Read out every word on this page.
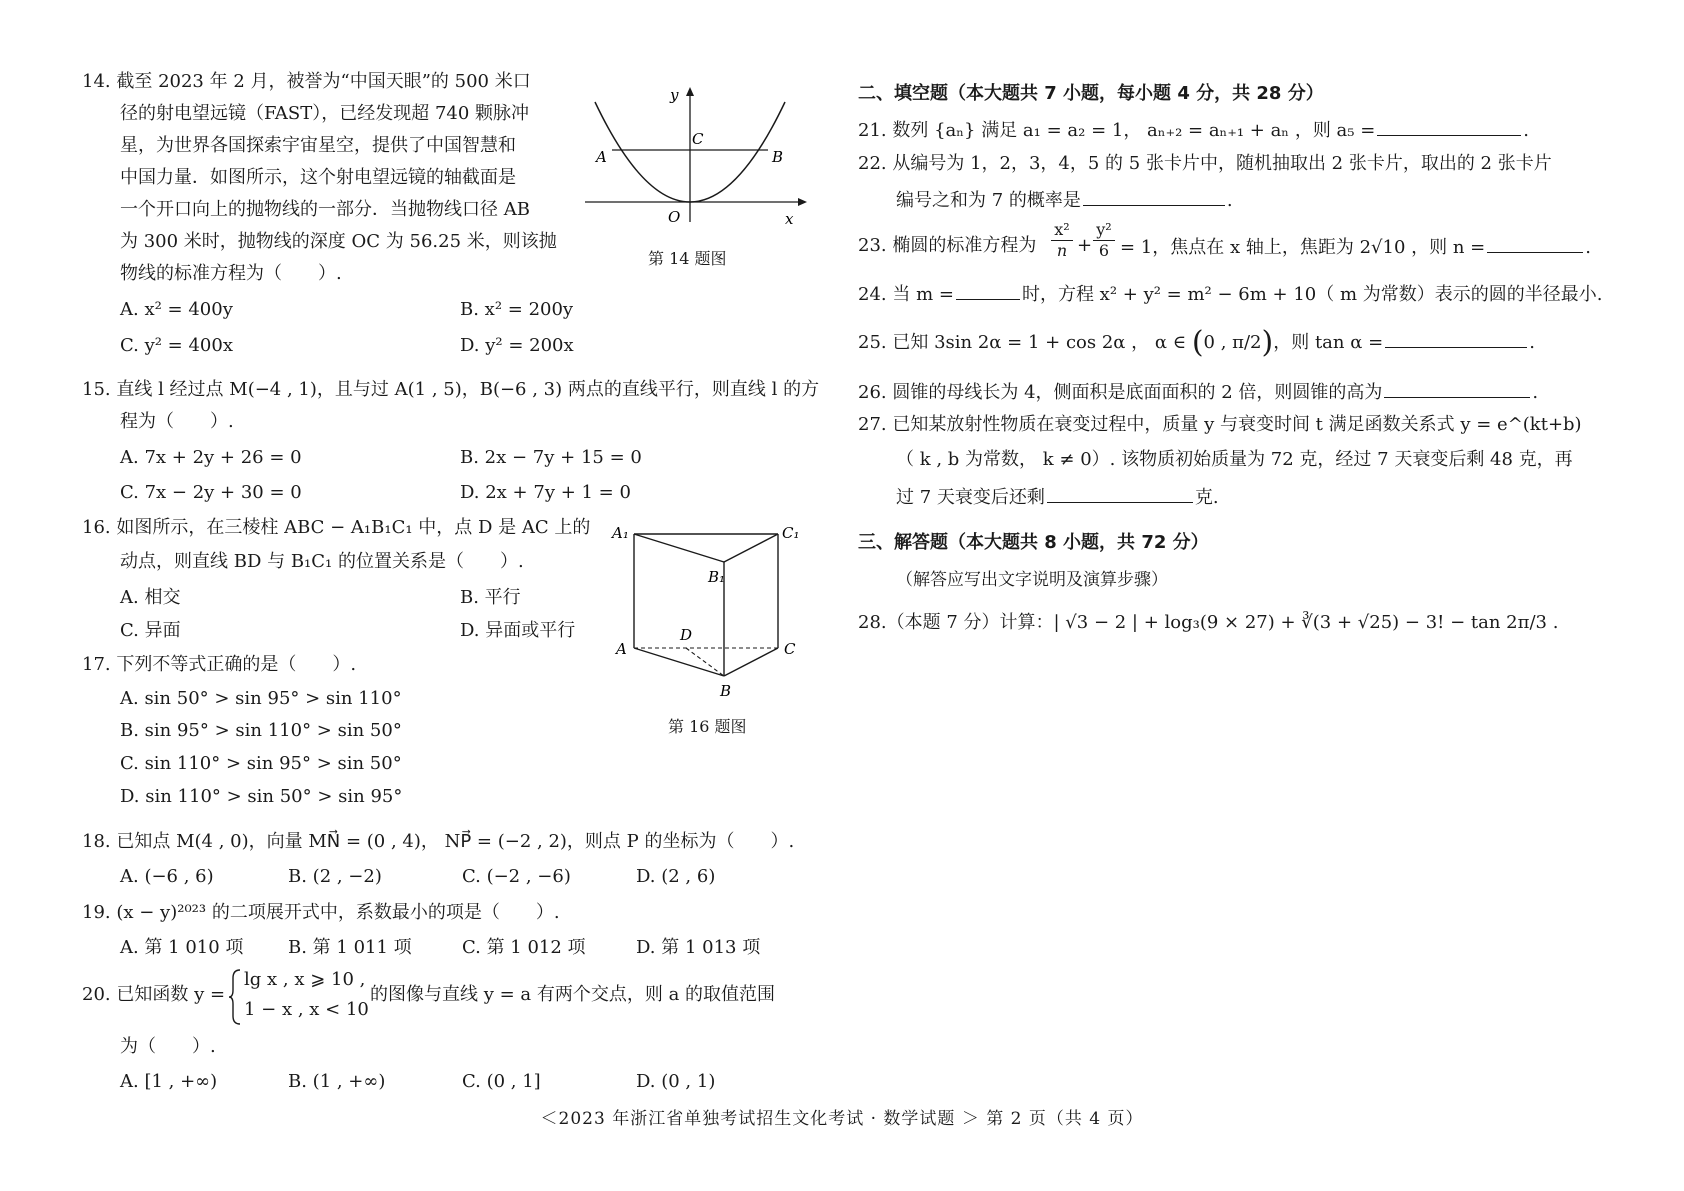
14. 截至 2023 年 2 月，被誉为“中国天眼”的 500 米口
径的射电望远镜（FAST），已经发现超 740 颗脉冲
星，为世界各国探索宇宙星空，提供了中国智慧和
中国力量．如图所示，这个射电望远镜的轴截面是
一个开口向上的抛物线的一部分．当抛物线口径 AB
为 300 米时，抛物线的深度 OC 为 56.25 米，则该抛
物线的标准方程为（　　）.
A. x² = 400y	B. x² = 200y
C. y² = 400x	D. y² = 200x
y
x
O
A	B
C
第 14 题图
15. 直线 l 经过点 M(−4 , 1)，且与过 A(1 , 5)，B(−6 , 3) 两点的直线平行，则直线 l 的方
程为（　　）.
A. 7x + 2y + 26 = 0	B. 2x − 7y + 15 = 0
C. 7x − 2y + 30 = 0	D. 2x + 7y + 1 = 0
16. 如图所示，在三棱柱 ABC − A₁B₁C₁ 中，点 D 是 AC 上的
动点，则直线 BD 与 B₁C₁ 的位置关系是（　　）.
A. 相交	B. 平行
C. 异面	D. 异面或平行
A₁	C₁
B₁
A	C
D
B
第 16 题图
17. 下列不等式正确的是（　　）.
A. sin 50° > sin 95° > sin 110°
B. sin 95° > sin 110° > sin 50°
C. sin 110° > sin 95° > sin 50°
D. sin 110° > sin 50° > sin 95°
18. 已知点 M(4 , 0)，向量 MN⃗ = (0 , 4)， NP⃗ = (−2 , 2)，则点 P 的坐标为（　　）.
A. (−6 , 6)	B. (2 , −2)	C. (−2 , −6)	D. (2 , 6)
19. (x − y)²⁰²³ 的二项展开式中，系数最小的项是（　　）.
A. 第 1 010 项 B. 第 1 011 项	C. 第 1 012 项	D. 第 1 013 项
20. 已知函数 y =
lg x , x ⩾ 10 ,
1 − x , x < 10
的图像与直线 y = a 有两个交点，则 a 的取值范围
为（　　）.
A. [1 , +∞)	B. (1 , +∞)	C. (0 , 1]	D. (0 , 1)
二、填空题（本大题共 7 小题，每小题 4 分，共 28 分）
21. 数列 {aₙ} 满足 a₁ = a₂ = 1， aₙ₊₂ = aₙ₊₁ + aₙ ，则 a₅ =	.
22. 从编号为 1，2，3，4，5 的 5 张卡片中，随机抽取出 2 张卡片，取出的 2 张卡片
编号之和为 7 的概率是	.
23. 椭圆的标准方程为 $\frac{\text{x²}}{n} + \frac{\text{y²}}{6} = 1$，焦点在 x 轴上，焦距为 2√10 ，则 n =	.
24. 当 m =	时，方程 x² + y² = m² − 6m + 10（ m 为常数）表示的圆的半径最小.
25. 已知 3sin 2α = 1 + cos 2α ， α ∈ (0 , π/2)，则 tan α =	.
26. 圆锥的母线长为 4，侧面积是底面面积的 2 倍，则圆锥的高为	.
27. 已知某放射性物质在衰变过程中，质量 y 与衰变时间 t 满足函数关系式 y = e^(kt+b)
（ k , b 为常数， k ≠ 0）. 该物质初始质量为 72 克，经过 7 天衰变后剩 48 克，再
过 7 天衰变后还剩	克.
三、解答题（本大题共 8 小题，共 72 分）
（解答应写出文字说明及演算步骤）
28.（本题 7 分）计算：| √3 − 2 | + log₃(9 × 27) + ∛(3 + √25) − 3! − tan 2π/3 .
＜2023 年浙江省单独考试招生文化考试 · 数学试题 ＞ 第 2 页（共 4 页）
